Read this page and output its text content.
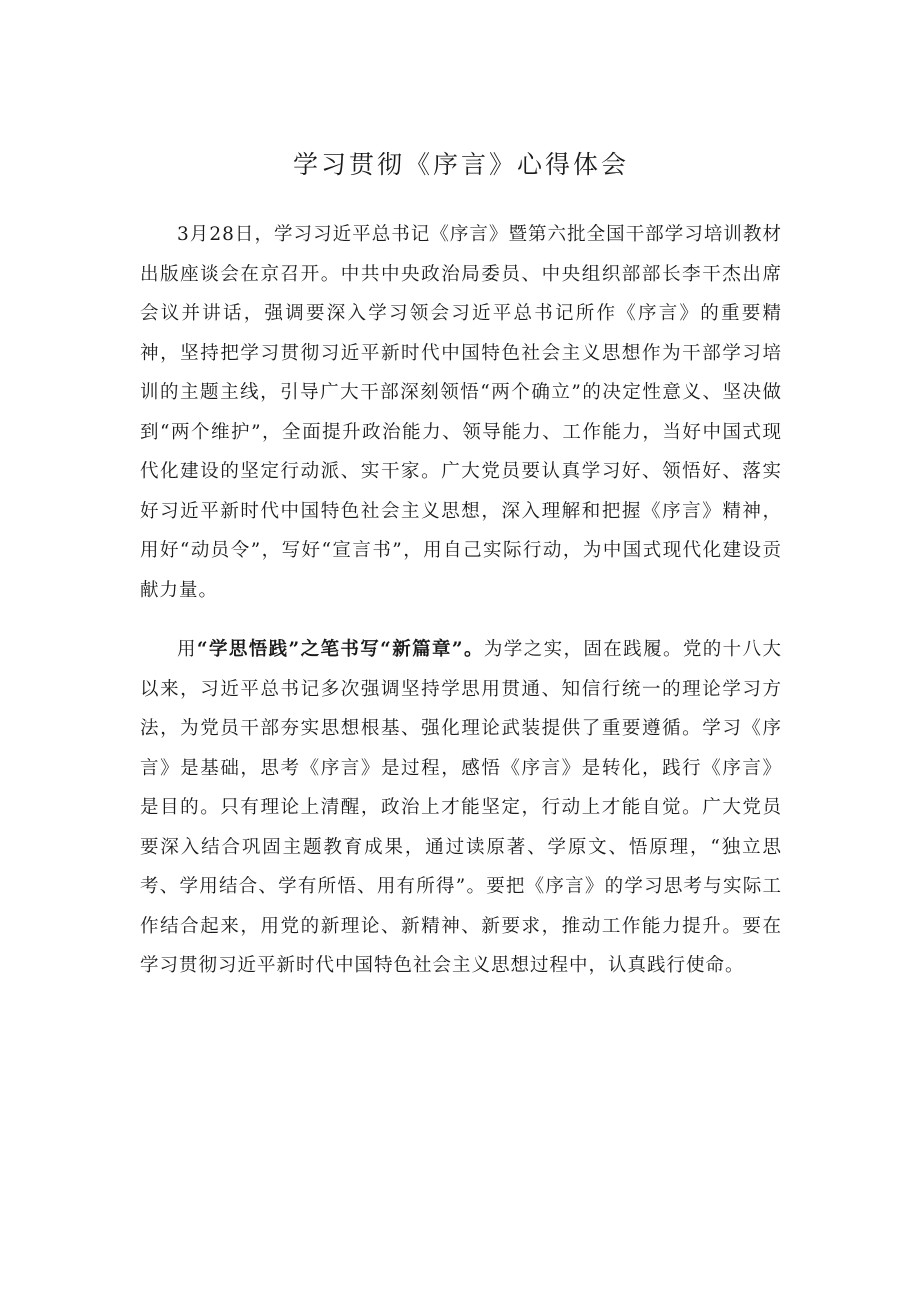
学习贯彻《序言》心得体会

3月28日，学习习近平总书记《序言》暨第六批全国干部学习培训教材出版座谈会在京召开。中共中央政治局委员、中央组织部部长李干杰出席会议并讲话，强调要深入学习领会习近平总书记所作《序言》的重要精神，坚持把学习贯彻习近平新时代中国特色社会主义思想作为干部学习培训的主题主线，引导广大干部深刻领悟“两个确立”的决定性意义、坚决做到“两个维护”，全面提升政治能力、领导能力、工作能力，当好中国式现代化建设的坚定行动派、实干家。广大党员要认真学习好、领悟好、落实好习近平新时代中国特色社会主义思想，深入理解和把握《序言》精神，用好“动员令”，写好“宣言书”，用自己实际行动，为中国式现代化建设贡献力量。

用“学思悟践”之笔书写“新篇章”。为学之实，固在践履。党的十八大以来，习近平总书记多次强调坚持学思用贯通、知信行统一的理论学习方法，为党员干部夯实思想根基、强化理论武装提供了重要遵循。学习《序言》是基础，思考《序言》是过程，感悟《序言》是转化，践行《序言》是目的。只有理论上清醒，政治上才能坚定，行动上才能自觉。广大党员要深入结合巩固主题教育成果，通过读原著、学原文、悟原理，“独立思考、学用结合、学有所悟、用有所得”。要把《序言》的学习思考与实际工作结合起来，用党的新理论、新精神、新要求，推动工作能力提升。要在学习贯彻习近平新时代中国特色社会主义思想过程中，认真践行使命。
